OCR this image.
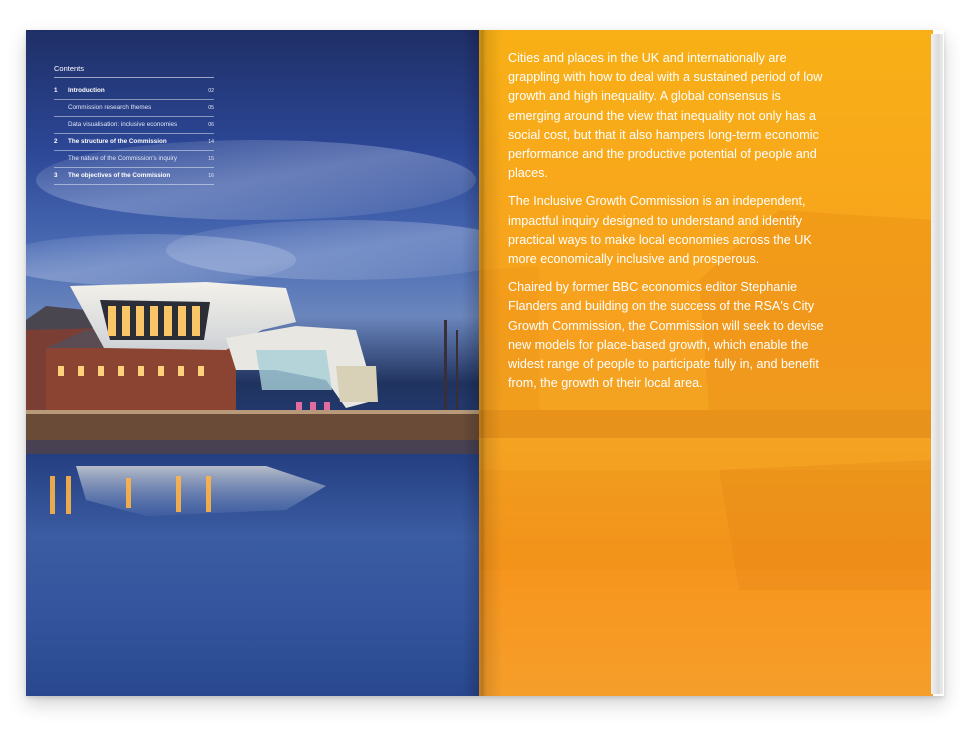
Contents
1	Introduction	02
Commission research themes	05
Data visualisation: inclusive economies	06
2	The structure of the Commission	14
The nature of the Commission's inquiry	15
3	The objectives of the Commission	16

Cities and places in the UK and internationally are grappling with how to deal with a sustained period of low growth and high inequality. A global consensus is emerging around the view that inequality not only has a social cost, but that it also hampers long-term economic performance and the productive potential of people and places.

The Inclusive Growth Commission is an independent, impactful inquiry designed to understand and identify practical ways to make local economies across the UK more economically inclusive and prosperous.

Chaired by former BBC economics editor Stephanie Flanders and building on the success of the RSA's City Growth Commission, the Commission will seek to devise new models for place-based growth, which enable the widest range of people to participate fully in, and benefit from, the growth of their local area.
